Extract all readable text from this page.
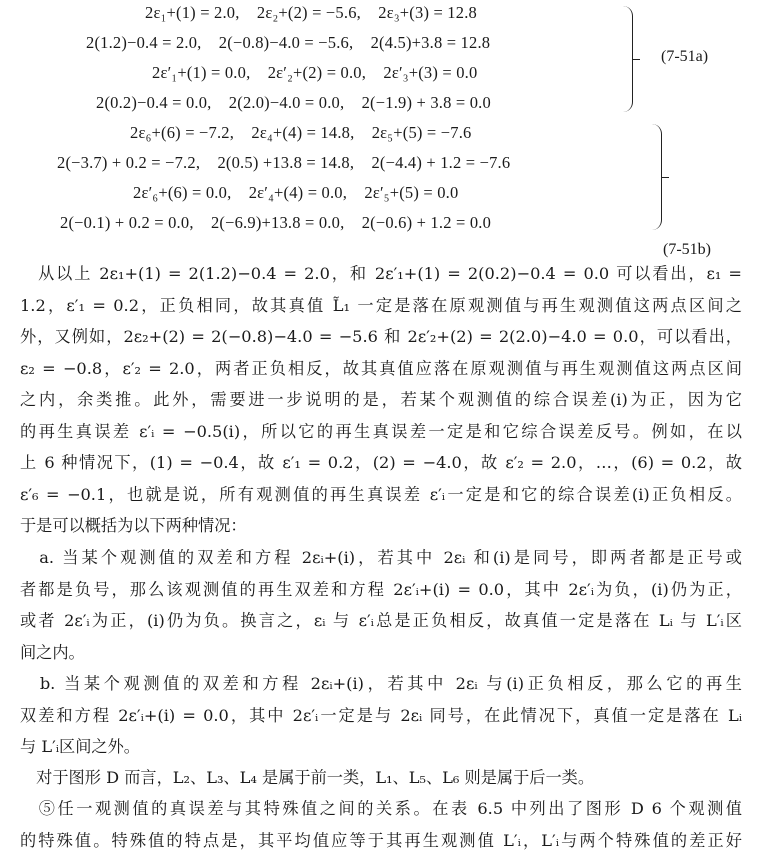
2ε₁+(1) = 2.0,    2ε₂+(2) = −5.6,    2ε₃+(3) = 12.8
2(1.2)−0.4 = 2.0,    2(−0.8)−4.0 = −5.6,    2(4.5)+3.8 = 12.8
2ε′₁+(1) = 0.0,    2ε′₂+(2) = 0.0,    2ε′₃+(3) = 0.0
2(0.2)−0.4 = 0.0,    2(2.0)−4.0 = 0.0,    2(−1.9) + 3.8 = 0.0
(7-51a)
2ε₆+(6) = −7.2,    2ε₄+(4) = 14.8,    2ε₅+(5) = −7.6
2(−3.7) + 0.2 = −7.2,    2(0.5) +13.8 = 14.8,    2(−4.4) + 1.2 = −7.6
2ε′₆+(6) = 0.0,    2ε′₄+(4) = 0.0,    2ε′₅+(5) = 0.0
2(−0.1) + 0.2 = 0.0,    2(−6.9)+13.8 = 0.0,    2(−0.6) + 1.2 = 0.0
(7-51b)
　从以上 2ε₁+(1) = 2(1.2)−0.4 = 2.0，和 2ε′₁+(1) = 2(0.2)−0.4 = 0.0 可以看出，ε₁ =
1.2，ε′₁ = 0.2，正负相同，故其真值 L̃₁ 一定是落在原观测值与再生观测值这两点区间之
外，又例如，2ε₂+(2) = 2(−0.8)−4.0 = −5.6 和 2ε′₂+(2) = 2(2.0)−4.0 = 0.0，可以看出，
ε₂ = −0.8，ε′₂ = 2.0，两者正负相反，故其真值应落在原观测值与再生观测值这两点区间
之内，余类推。此外，需要进一步说明的是，若某个观测值的综合误差(i)为正，因为它
的再生真误差 ε′ᵢ = −0.5(i)，所以它的再生真误差一定是和它综合误差反号。例如，在以
上 6 种情况下，(1) = −0.4，故 ε′₁ = 0.2，(2) = −4.0，故 ε′₂ = 2.0，…，(6) = 0.2，故
ε′₆ = −0.1，也就是说，所有观测值的再生真误差 ε′ᵢ一定是和它的综合误差(i)正负相反。
于是可以概括为以下两种情况：
　a. 当某个观测值的双差和方程 2εᵢ+(i)，若其中 2εᵢ 和(i)是同号，即两者都是正号或
者都是负号，那么该观测值的再生双差和方程 2ε′ᵢ+(i) = 0.0，其中 2ε′ᵢ为负，(i)仍为正，
或者 2ε′ᵢ为正，(i)仍为负。换言之，εᵢ 与 ε′ᵢ总是正负相反，故真值一定是落在 Lᵢ 与 L′ᵢ区
间之内。
　b. 当某个观测值的双差和方程 2εᵢ+(i)，若其中 2εᵢ 与(i)正负相反，那么它的再生
双差和方程 2ε′ᵢ+(i) = 0.0，其中 2ε′ᵢ一定是与 2εᵢ 同号，在此情况下，真值一定是落在 Lᵢ
与 L′ᵢ区间之外。
　对于图形 D 而言，L₂、L₃、L₄ 是属于前一类，L₁、L₅、L₆ 则是属于后一类。
　⑤任一观测值的真误差与其特殊值之间的关系。在表 6.5 中列出了图形 D 6 个观测值
的特殊值。特殊值的特点是，其平均值应等于其再生观测值 L′ᵢ，L′ᵢ与两个特殊值的差正好
